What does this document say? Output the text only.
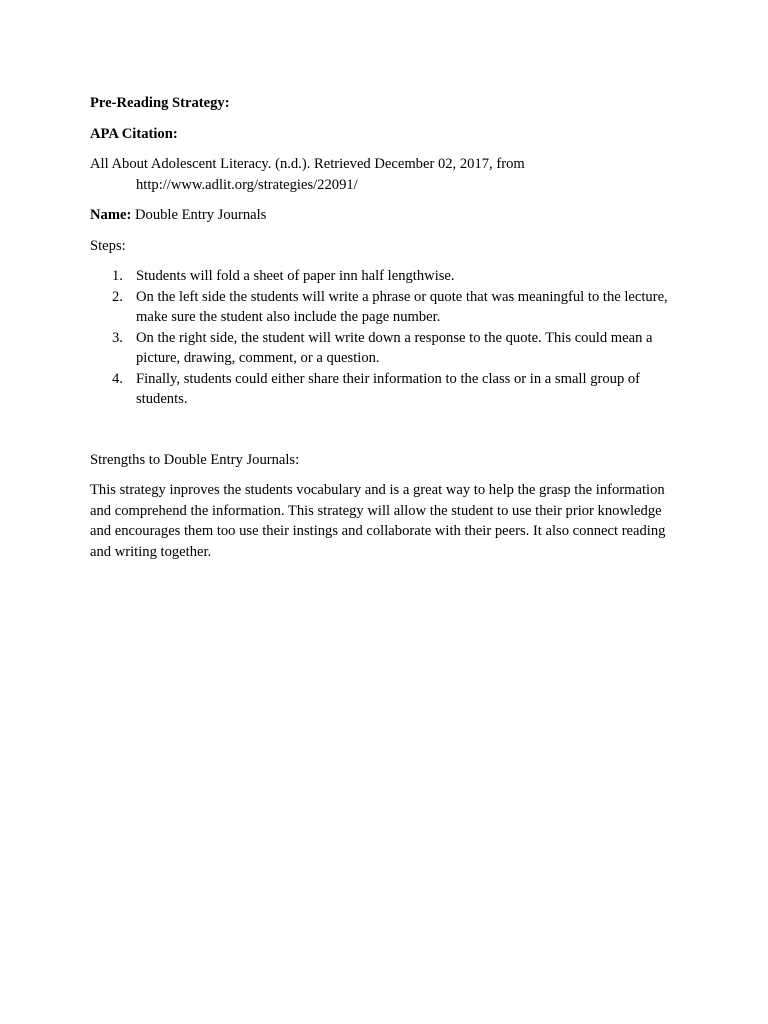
Pre-Reading Strategy:

APA Citation:

All About Adolescent Literacy. (n.d.). Retrieved December 02, 2017, from

http://www.adlit.org/strategies/22091/

Name: Double Entry Journals

Steps:

1. Students will fold a sheet of paper inn half lengthwise.
2. On the left side the students will write a phrase or quote that was meaningful to the lecture, make sure the student also include the page number.
3. On the right side, the student will write down a response to the quote. This could mean a picture, drawing, comment, or a question.
4. Finally, students could either share their information to the class or in a small group of students.

Strengths to Double Entry Journals:

This strategy inproves the students vocabulary and is a great way to help the grasp the information and comprehend the information. This strategy will allow the student to use their prior knowledge and encourages them too use their instings and collaborate with their peers. It also connect reading and writing together.
